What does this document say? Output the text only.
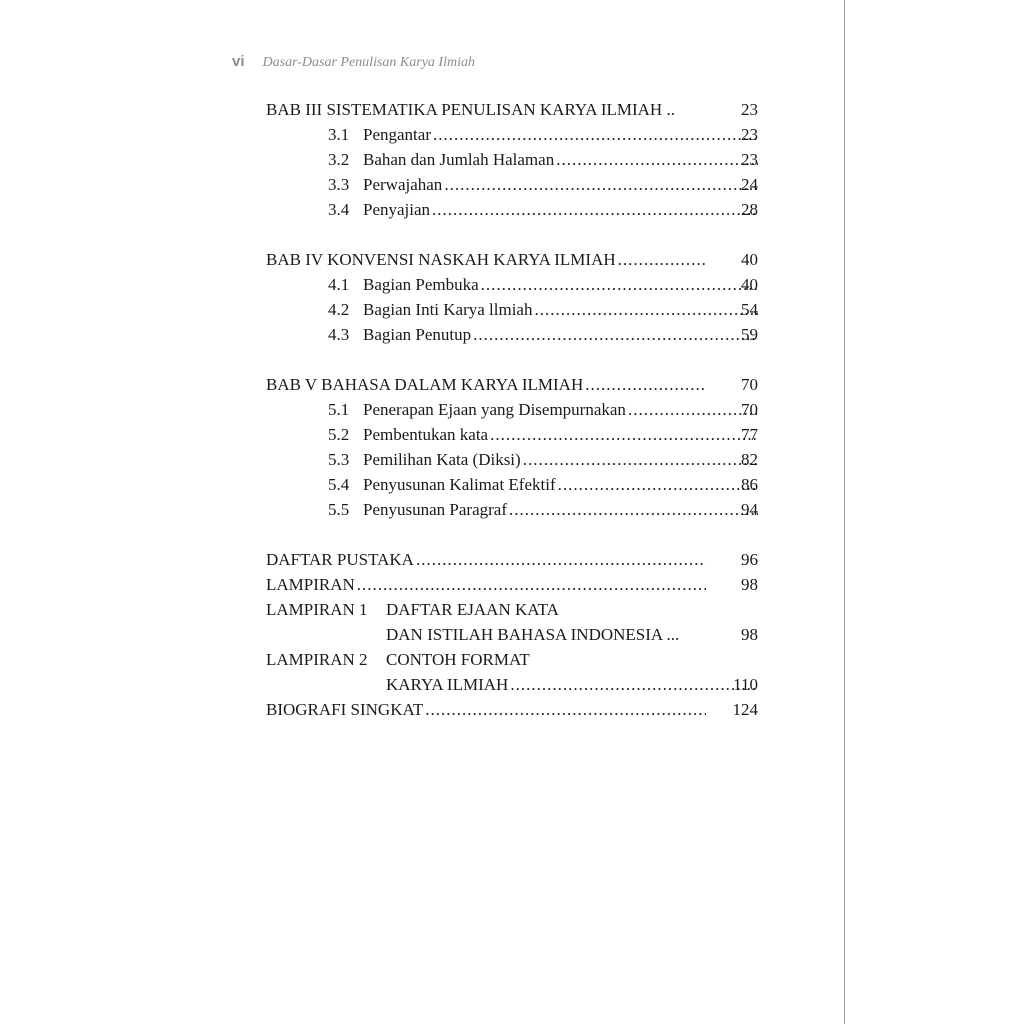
vi Dasar-Dasar Penulisan Karya Ilmiah
BAB III SISTEMATIKA PENULISAN KARYA ILMIAH ..	23
3.1 Pengantar .....	23
3.2 Bahan dan Jumlah Halaman .....	23
3.3 Perwajahan .....	24
3.4 Penyajian .....	28
BAB IV KONVENSI NASKAH KARYA ILMIAH .....	40
4.1 Bagian Pembuka .....	40
4.2 Bagian Inti Karya llmiah .....	54
4.3 Bagian Penutup .....	59
BAB V BAHASA DALAM KARYA ILMIAH .....	70
5.1 Penerapan Ejaan yang Disempurnakan .....	70
5.2 Pembentukan kata .....	77
5.3 Pemilihan Kata (Diksi) .....	82
5.4 Penyusunan Kalimat Efektif .....	86
5.5 Penyusunan Paragraf .....	94
DAFTAR PUSTAKA .....	96
LAMPIRAN .....	98
LAMPIRAN 1	DAFTAR EJAAN KATA
DAN ISTILAH BAHASA INDONESIA ...	98
LAMPIRAN 2	CONTOH FORMAT
KARYA ILMIAH .....	110
BIOGRAFI SINGKAT .....	124
